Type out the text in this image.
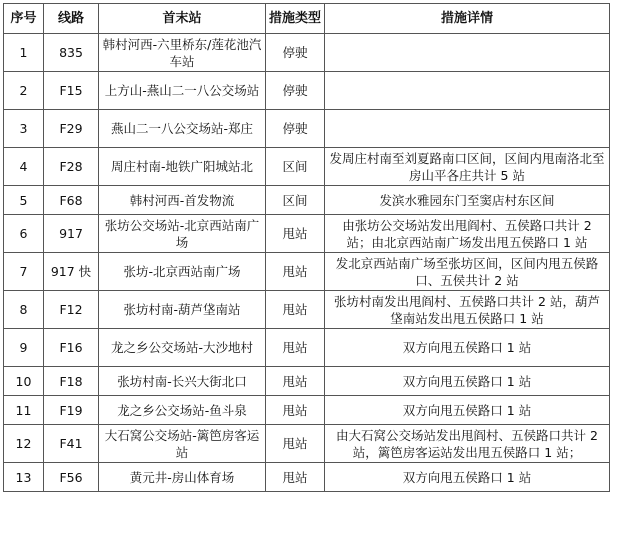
序号	线路	首末站	措施类型	措施详情
1	835	韩村河西-六里桥东/莲花池汽车站	停驶	
2	F15	上方山-燕山二一八公交场站	停驶	
3	F29	燕山二一八公交场站-郑庄	停驶	
4	F28	周庄村南-地铁广阳城站北	区间	发周庄村南至刘夏路南口区间，区间内甩南洛北至房山平各庄共计 5 站
5	F68	韩村河西-首发物流	区间	发滨水雅园东门至窦店村东区间
6	917	张坊公交场站-北京西站南广场	甩站	由张坊公交场站发出甩阎村、五侯路口共计 2 站；由北京西站南广场发出甩五侯路口 1 站
7	917 快	张坊-北京西站南广场	甩站	发北京西站南广场至张坊区间，区间内甩五侯路口、五侯共计 2 站
8	F12	张坊村南-葫芦垡南站	甩站	张坊村南发出甩阎村、五侯路口共计 2 站，葫芦垡南站发出甩五侯路口 1 站
9	F16	龙之乡公交场站-大沙地村	甩站	双方向甩五侯路口 1 站
10	F18	张坊村南-长兴大街北口	甩站	双方向甩五侯路口 1 站
11	F19	龙之乡公交场站-鱼斗泉	甩站	双方向甩五侯路口 1 站
12	F41	大石窝公交场站-篱笆房客运站	甩站	由大石窝公交场站发出甩阎村、五侯路口共计 2 站，篱笆房客运站发出甩五侯路口 1 站；
13	F56	黄元井-房山体育场	甩站	双方向甩五侯路口 1 站
